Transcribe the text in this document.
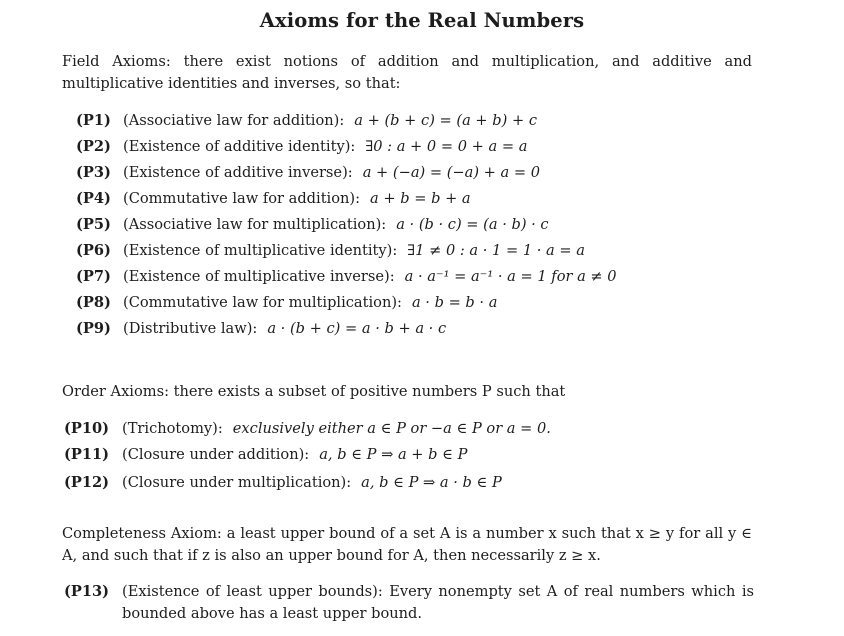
Axioms for the Real Numbers
Field Axioms: there exist notions of addition and multiplication, and additive and multiplicative identities and inverses, so that:
(P1) (Associative law for addition): a + (b + c) = (a + b) + c
(P2) (Existence of additive identity): ∃0 : a + 0 = 0 + a = a
(P3) (Existence of additive inverse): a + (−a) = (−a) + a = 0
(P4) (Commutative law for addition): a + b = b + a
(P5) (Associative law for multiplication): a · (b · c) = (a · b) · c
(P6) (Existence of multiplicative identity): ∃1 ≠ 0 : a · 1 = 1 · a = a
(P7) (Existence of multiplicative inverse): a · a⁻¹ = a⁻¹ · a = 1 for a ≠ 0
(P8) (Commutative law for multiplication): a · b = b · a
(P9) (Distributive law): a · (b + c) = a · b + a · c
Order Axioms: there exists a subset of positive numbers P such that
(P10) (Trichotomy): exclusively either a ∈ P or −a ∈ P or a = 0.
(P11) (Closure under addition): a, b ∈ P ⇒ a + b ∈ P
(P12) (Closure under multiplication): a, b ∈ P ⇒ a · b ∈ P
Completeness Axiom: a least upper bound of a set A is a number x such that x ≥ y for all y ∈ A, and such that if z is also an upper bound for A, then necessarily z ≥ x.
(P13) (Existence of least upper bounds): Every nonempty set A of real numbers which is bounded above has a least upper bound.
